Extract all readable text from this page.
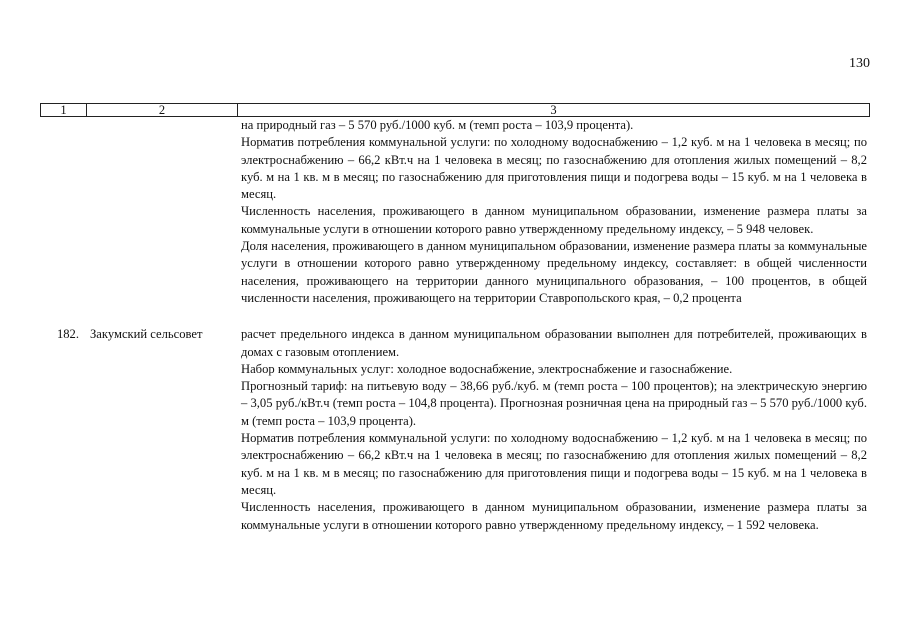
130
1	2	3
на природный газ – 5 570 руб./1000 куб. м (темп роста – 103,9 процента).
Норматив потребления коммунальной услуги: по холодному водоснабжению – 1,2 куб. м на 1 человека в месяц; по электроснабжению – 66,2 кВт.ч на 1 человека в месяц; по газоснабжению для отопления жилых помещений – 8,2 куб. м на 1 кв. м в месяц; по газоснабжению для приготовления пищи и подогрева воды – 15 куб. м на 1 человека в месяц.
Численность населения, проживающего в данном муниципальном образовании, изменение размера платы за коммунальные услуги в отношении которого равно утвержденному предельному индексу, – 5 948 человек.
Доля населения, проживающего в данном муниципальном образовании, изменение размера платы за коммунальные услуги в отношении которого равно утвержденному предельному индексу, составляет: в общей численности населения, проживающего на территории данного муниципального образования, – 100 процентов, в общей численности населения, проживающего на территории Ставропольского края, – 0,2 процента
182. Закумский сельсовет	расчет предельного индекса в данном муниципальном образовании выполнен для потребителей, проживающих в домах с газовым отоплением.
Набор коммунальных услуг: холодное водоснабжение, электроснабжение и газоснабжение.
Прогнозный тариф: на питьевую воду – 38,66 руб./куб. м (темп роста – 100 процентов); на электрическую энергию – 3,05 руб./кВт.ч (темп роста – 104,8 процента). Прогнозная розничная цена на природный газ – 5 570 руб./1000 куб. м (темп роста – 103,9 процента).
Норматив потребления коммунальной услуги: по холодному водоснабжению – 1,2 куб. м на 1 человека в месяц; по электроснабжению – 66,2 кВт.ч на 1 человека в месяц; по газоснабжению для отопления жилых помещений – 8,2 куб. м на 1 кв. м в месяц; по газоснабжению для приготовления пищи и подогрева воды – 15 куб. м на 1 человека в месяц.
Численность населения, проживающего в данном муниципальном образовании, изменение размера платы за коммунальные услуги в отношении которого равно утвержденному предельному индексу, – 1 592 человека.
